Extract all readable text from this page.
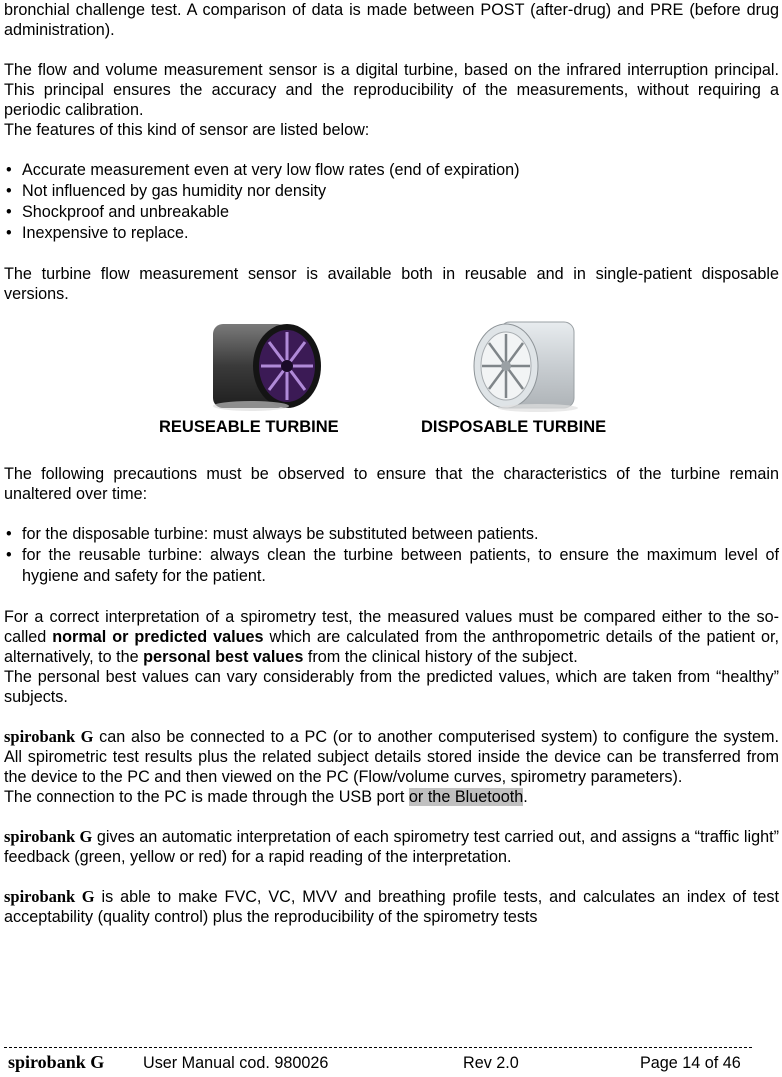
bronchial challenge test. A comparison of data is made between POST (after-drug) and PRE (before drug administration).

The flow and volume measurement sensor is a digital turbine, based on the infrared interruption principal. This principal ensures the accuracy and the reproducibility of the measurements, without requiring a periodic calibration.

The features of this kind of sensor are listed below:

• Accurate measurement even at very low flow rates (end of expiration)
• Not influenced by gas humidity nor density
• Shockproof and unbreakable
• Inexpensive to replace.

The turbine flow measurement sensor is available both in reusable and in single-patient disposable versions.

REUSEABLE TURBINE	DISPOSABLE TURBINE

The following precautions must be observed to ensure that the characteristics of the turbine remain unaltered over time:

• for the disposable turbine: must always be substituted between patients.
• for the reusable turbine: always clean the turbine between patients, to ensure the maximum level of hygiene and safety for the patient.

For a correct interpretation of a spirometry test, the measured values must be compared either to the so-called normal or predicted values which are calculated from the anthropometric details of the patient or, alternatively, to the personal best values from the clinical history of the subject.

The personal best values can vary considerably from the predicted values, which are taken from “healthy” subjects.

spirobank G can also be connected to a PC (or to another computerised system) to configure the system. All spirometric test results plus the related subject details stored inside the device can be transferred from the device to the PC and then viewed on the PC (Flow/volume curves, spirometry parameters).

The connection to the PC is made through the USB port or the Bluetooth.

spirobank G gives an automatic interpretation of each spirometry test carried out, and assigns a “traffic light” feedback (green, yellow or red) for a rapid reading of the interpretation.

spirobank G is able to make FVC, VC, MVV and breathing profile tests, and calculates an index of test acceptability (quality control) plus the reproducibility of the spirometry tests

spirobank G User Manual cod. 980026	Rev 2.0	Page 14 of 46
